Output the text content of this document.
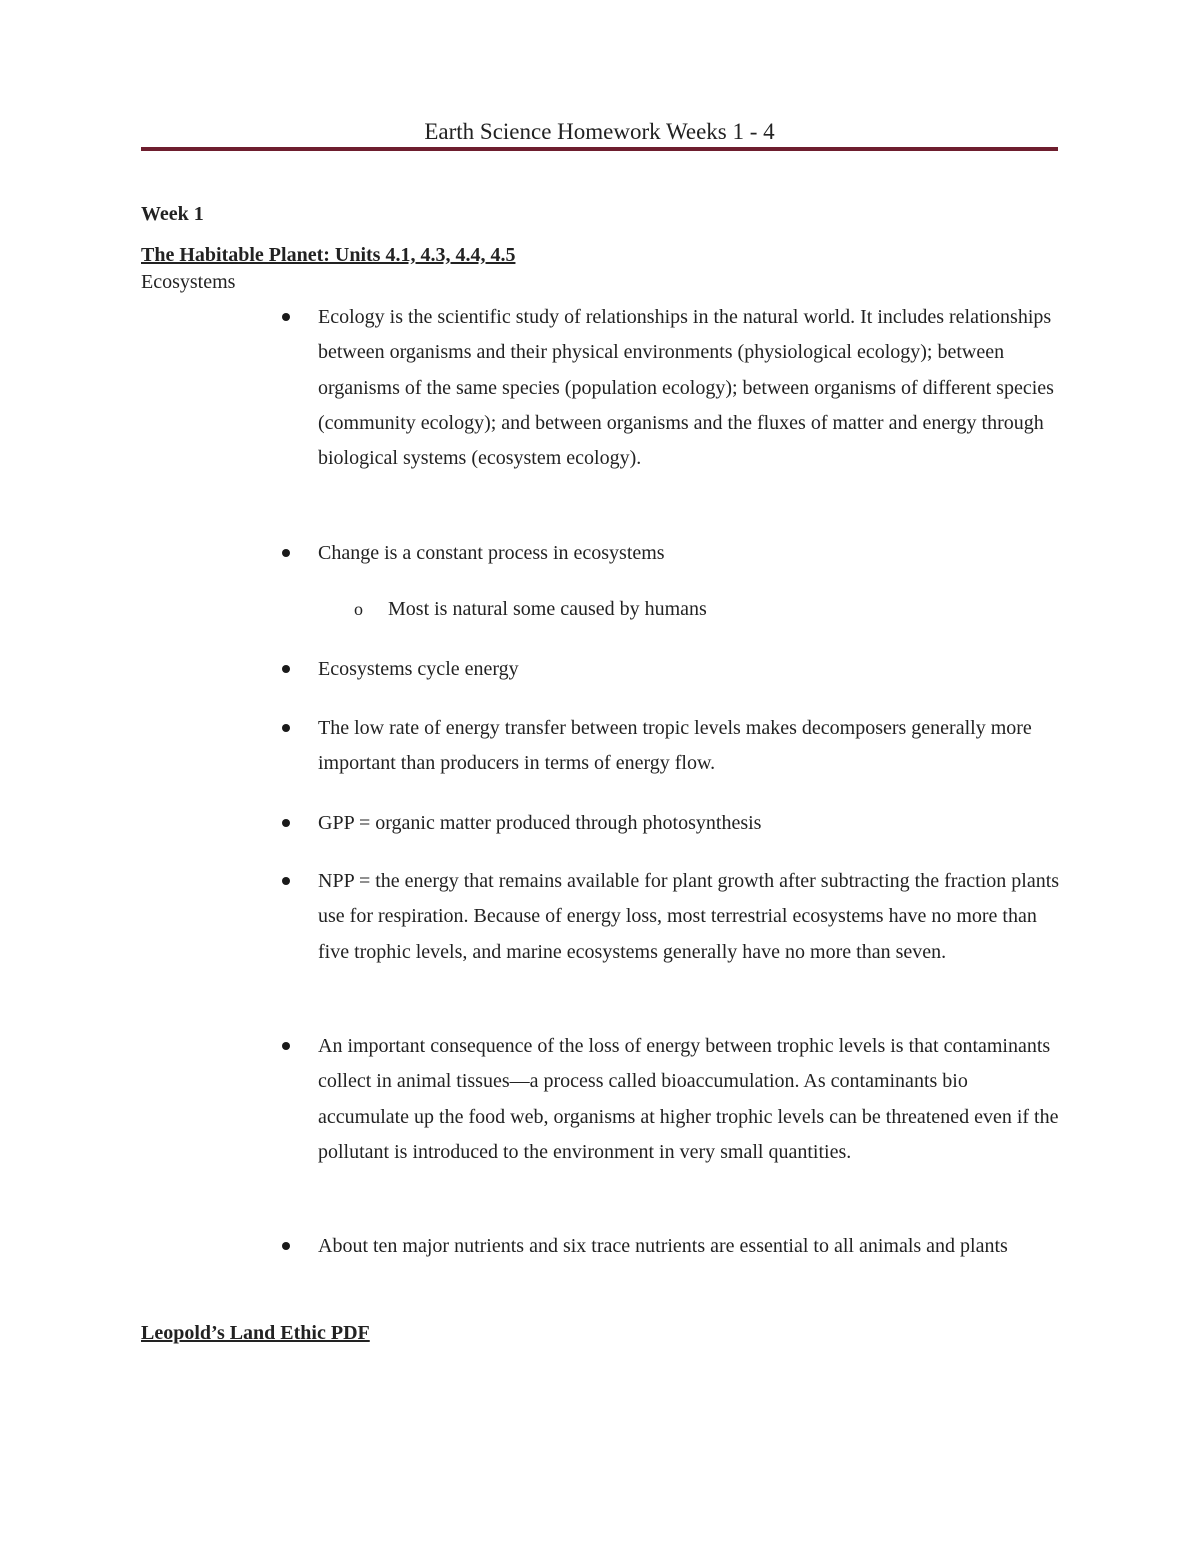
Earth Science Homework Weeks 1 - 4
Week 1
The Habitable Planet: Units 4.1, 4.3, 4.4, 4.5

Ecosystems

Ecology is the scientific study of relationships in the natural world. It includes relationships between organisms and their physical environments (physiological ecology); between organisms of the same species (population ecology); between organisms of different species (community ecology); and between organisms and the fluxes of matter and energy through biological systems (ecosystem ecology).
Change is a constant process in ecosystems
o Most is natural some caused by humans
Ecosystems cycle energy
The low rate of energy transfer between tropic levels makes decomposers generally more important than producers in terms of energy flow.
GPP = organic matter produced through photosynthesis
NPP = the energy that remains available for plant growth after subtracting the fraction plants use for respiration. Because of energy loss, most terrestrial ecosystems have no more than five trophic levels, and marine ecosystems generally have no more than seven.
An important consequence of the loss of energy between trophic levels is that contaminants collect in animal tissues—a process called bioaccumulation. As contaminants bio accumulate up the food web, organisms at higher trophic levels can be threatened even if the pollutant is introduced to the environment in very small quantities.
About ten major nutrients and six trace nutrients are essential to all animals and plants
Leopold’s Land Ethic PDF
